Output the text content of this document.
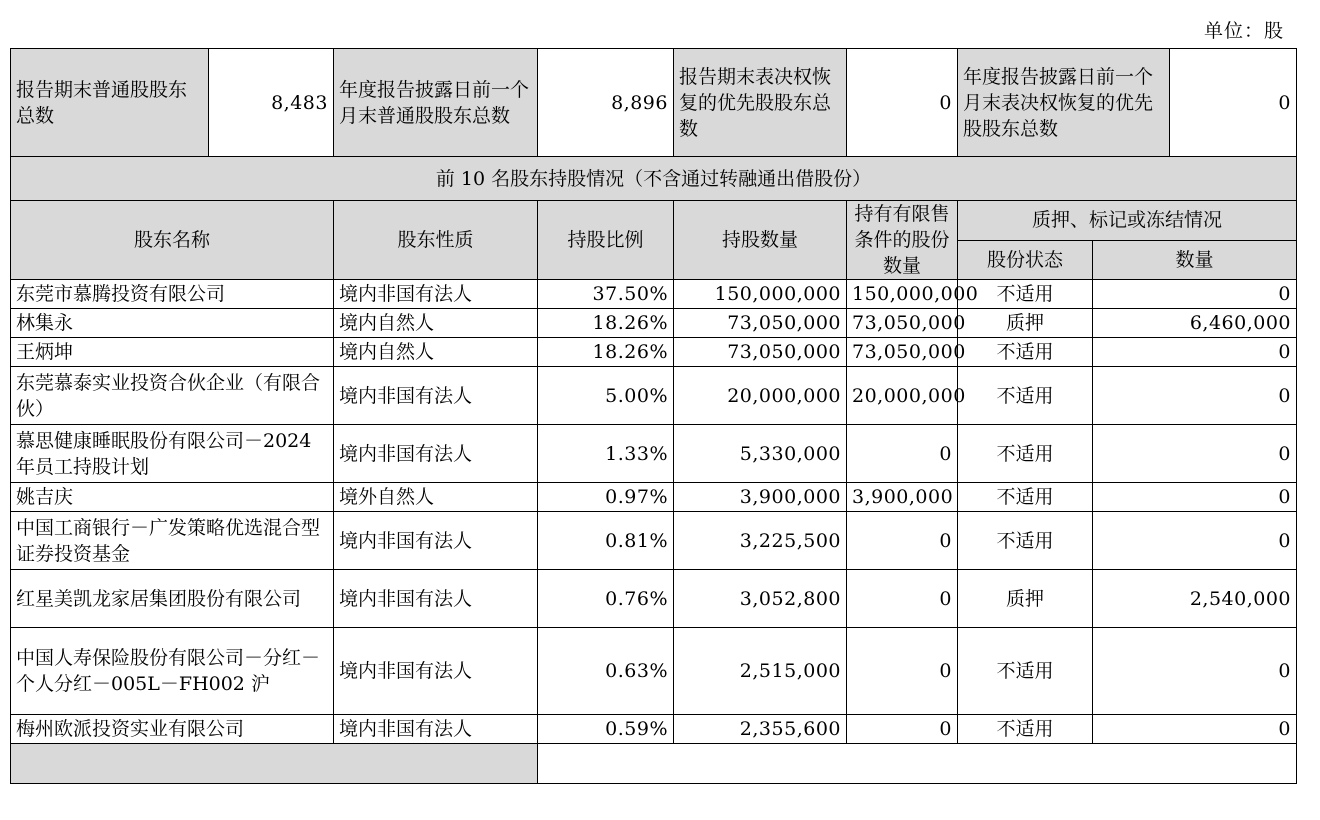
单位：股
报告期末普通股股东总数	8,483	年度报告披露日前一个月末普通股股东总数	8,896	报告期末表决权恢复的优先股股东总数	0	年度报告披露日前一个月末表决权恢复的优先股股东总数		0
前 10 名股东持股情况（不含通过转融通出借股份）								
股东名称		股东性质	持股比例	持股数量	持有有限售条件的股份数量	质押、标记或冻结情况		
						股份状态	数量	
东莞市慕腾投资有限公司		境内非国有法人	37.50%	150,000,000	150,000,000	不适用	0	
林集永		境内自然人	18.26%	73,050,000	73,050,000	质押	6,460,000	
王炳坤		境内自然人	18.26%	73,050,000	73,050,000	不适用	0	
东莞慕泰实业投资合伙企业（有限合伙）		境内非国有法人	5.00%	20,000,000	20,000,000	不适用	0	
慕思健康睡眠股份有限公司－2024 年员工持股计划		境内非国有法人	1.33%	5,330,000	0	不适用	0	
姚吉庆		境外自然人	0.97%	3,900,000	3,900,000	不适用	0	
中国工商银行－广发策略优选混合型证券投资基金		境内非国有法人	0.81%	3,225,500	0	不适用	0	
红星美凯龙家居集团股份有限公司		境内非国有法人	0.76%	3,052,800	0	质押	2,540,000	
中国人寿保险股份有限公司－分红－个人分红－005L－FH002 沪		境内非国有法人	0.63%	2,515,000	0	不适用	0	
梅州欧派投资实业有限公司		境内非国有法人	0.59%	2,355,600	0	不适用	0	
